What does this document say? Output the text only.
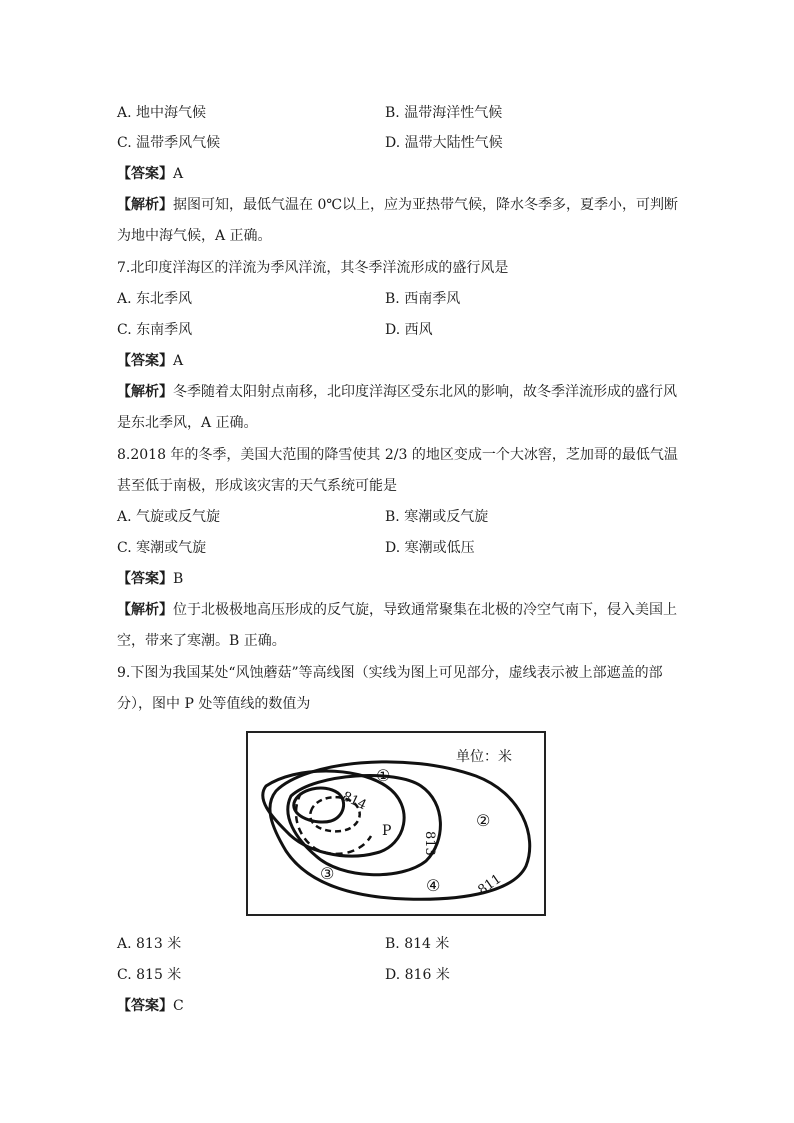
A. 地中海气候	B. 温带海洋性气候
C. 温带季风气候	D. 温带大陆性气候
【答案】A
【解析】据图可知，最低气温在 0℃以上，应为亚热带气候，降水冬季多，夏季小，可判断
为地中海气候，A 正确。
7.北印度洋海区的洋流为季风洋流，其冬季洋流形成的盛行风是
A. 东北季风	B. 西南季风
C. 东南季风	D. 西风
【答案】A
【解析】冬季随着太阳射点南移，北印度洋海区受东北风的影响，故冬季洋流形成的盛行风
是东北季风，A 正确。
8.2018 年的冬季，美国大范围的降雪使其 2/3 的地区变成一个大冰窖，芝加哥的最低气温
甚至低于南极，形成该灾害的天气系统可能是
A. 气旋或反气旋	B. 寒潮或反气旋
C. 寒潮或气旋	D. 寒潮或低压
【答案】B
【解析】位于北极极地高压形成的反气旋，导致通常聚集在北极的冷空气南下，侵入美国上
空，带来了寒潮。B 正确。
9.下图为我国某处“风蚀蘑菇”等高线图（实线为图上可见部分，虚线表示被上部遮盖的部
分），图中 P 处等值线的数值为
单位：米
814
P 813
811
①
②
③
④
A. 813 米	B. 814 米
C. 815 米	D. 816 米
【答案】C
